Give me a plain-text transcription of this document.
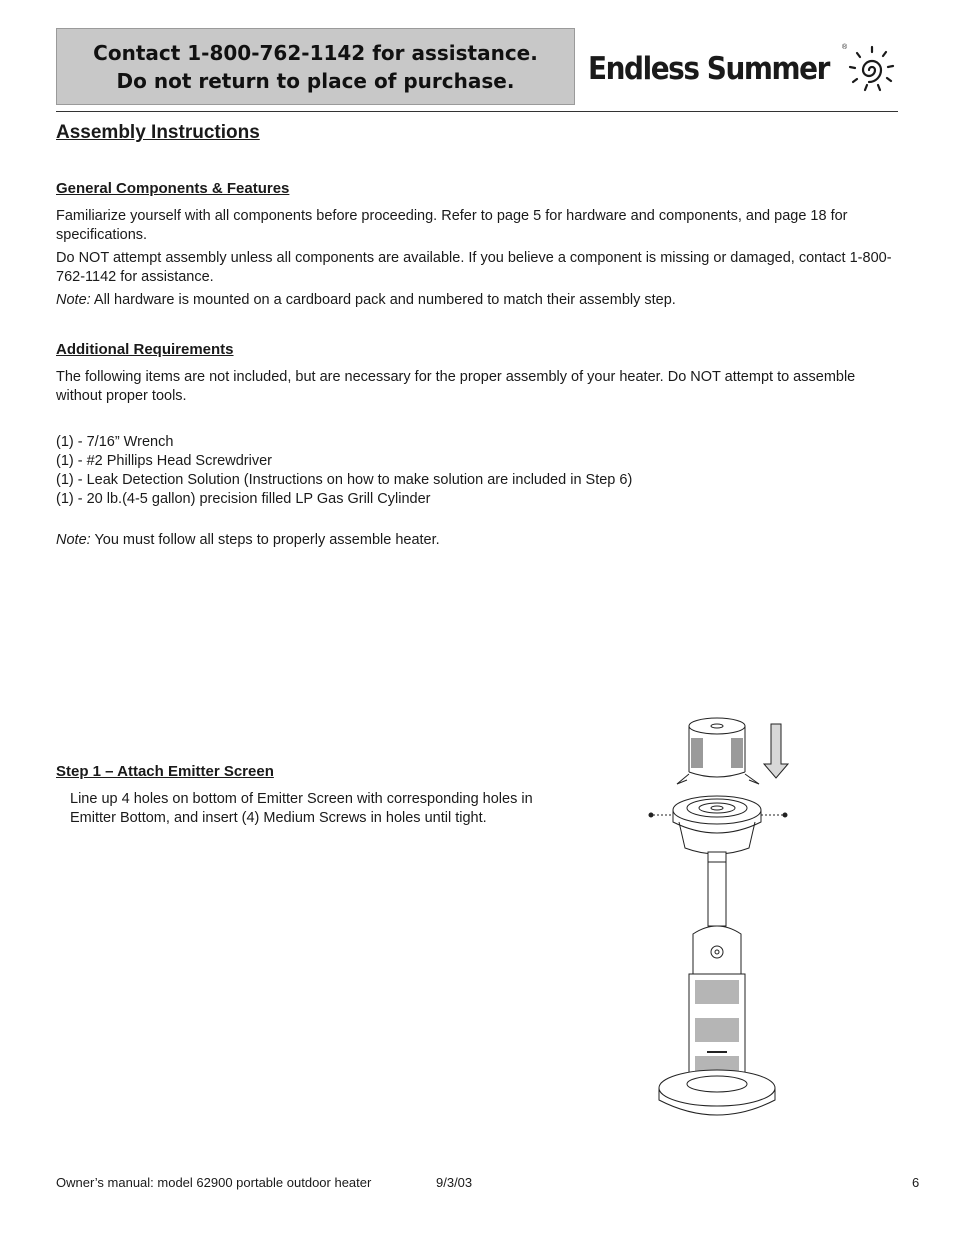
Contact 1-800-762-1142 for assistance.
Do not return to place of purchase. Endless Summer
®
Assembly Instructions
General Components & Features
Familiarize yourself with all components before proceeding. Refer to page 5 for hardware and components, and page 18 for specifications.
Do NOT attempt assembly unless all components are available. If you believe a component is missing or damaged, contact 1-800-762-1142 for assistance.
Note: All hardware is mounted on a cardboard pack and numbered to match their assembly step.
Additional Requirements
The following items are not included, but are necessary for the proper assembly of your heater. Do NOT attempt to assemble without proper tools.
(1) - 7/16” Wrench
(1) - #2 Phillips Head Screwdriver
(1) - Leak Detection Solution (Instructions on how to make solution are included in Step 6)
(1) - 20 lb.(4-5 gallon) precision filled LP Gas Grill Cylinder
Note: You must follow all steps to properly assemble heater.
Step 1 – Attach Emitter Screen
Line up 4 holes on bottom of Emitter Screen with corresponding holes in Emitter Bottom, and insert (4) Medium Screws in holes until tight.
Owner’s manual: model 62900 portable outdoor heater	9/3/03	6
